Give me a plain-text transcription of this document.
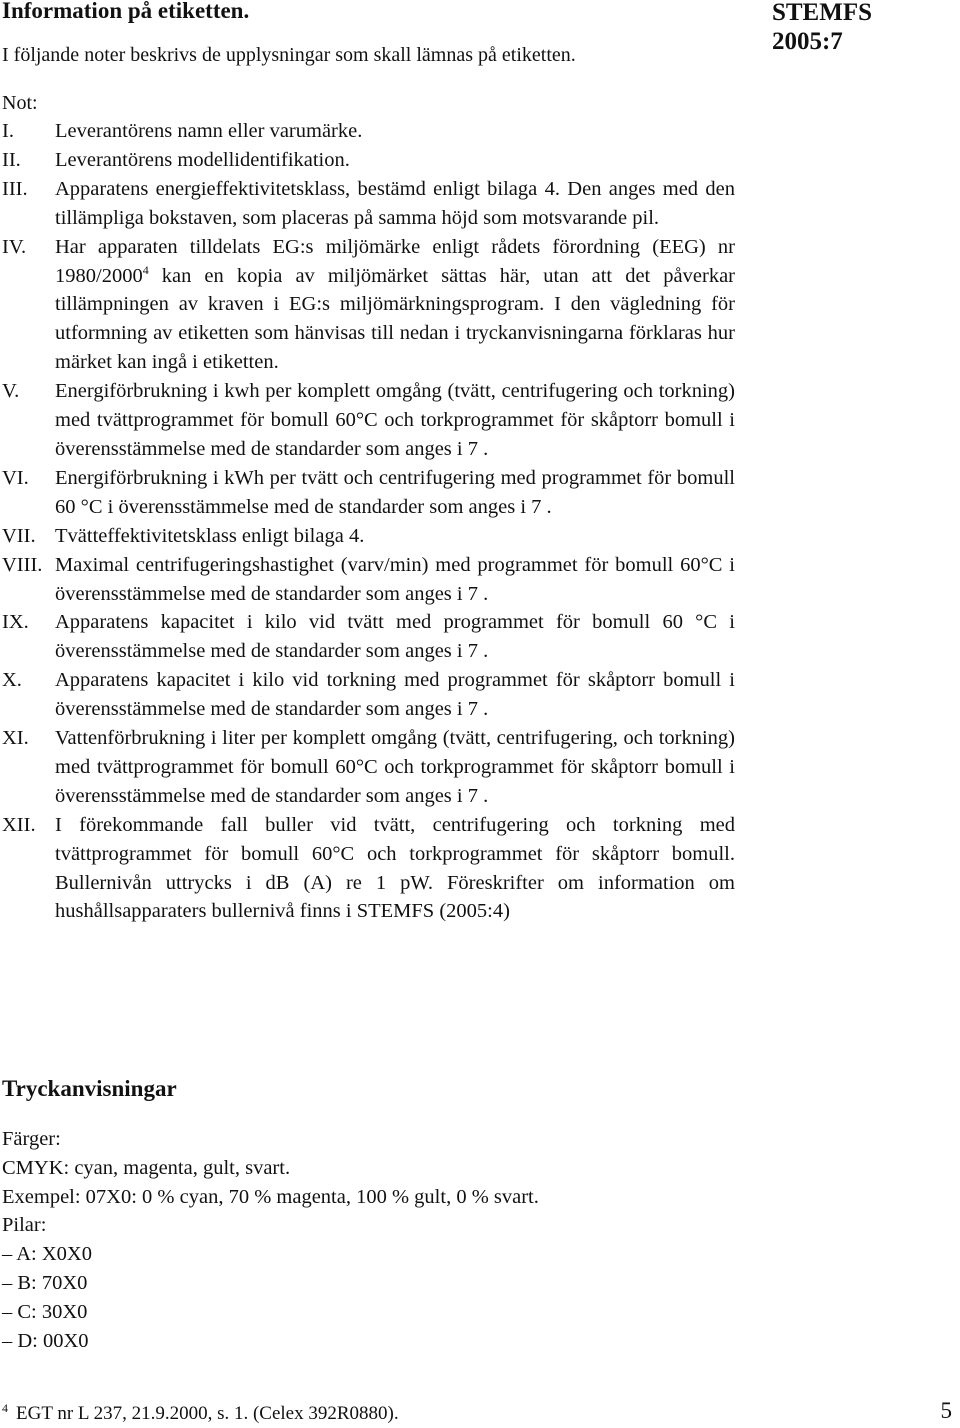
Information på etiketten.	STEMFS
2005:7
I följande noter beskrivs de upplysningar som skall lämnas på etiketten.
Not:
I.	Leverantörens namn eller varumärke.
II.	Leverantörens modellidentifikation.
III.	Apparatens energieffektivitetsklass, bestämd enligt bilaga 4. Den anges med den tillämpliga bokstaven, som placeras på samma höjd som motsvarande pil.
IV.	Har apparaten tilldelats EG:s miljömärke enligt rådets förordning (EEG) nr 1980/2000$^4$ kan en kopia av miljömärket sättas här, utan att det påverkar tillämpningen av kraven i EG:s miljömärkningsprogram. I den vägledning för utformning av etiketten som hänvisas till nedan i tryckanvisningarna förklaras hur märket kan ingå i etiketten.
V.	Energiförbrukning i kwh per komplett omgång (tvätt, centrifugering och torkning) med tvättprogrammet för bomull 60°C och torkprogrammet för skåptorr bomull i överensstämmelse med de standarder som anges i 7 .
VI.	Energiförbrukning i kWh per tvätt och centrifugering med programmet för bomull 60 °C i överensstämmelse med de standarder som anges i 7 .
VII. Tvätteffektivitetsklass enligt bilaga 4.
VIII. Maximal centrifugeringshastighet (varv/min) med programmet för bomull 60°C i överensstämmelse med de standarder som anges i 7 .
IX.	Apparatens kapacitet i kilo vid tvätt med programmet för bomull 60 °C i överensstämmelse med de standarder som anges i 7 .
X.	Apparatens kapacitet i kilo vid torkning med programmet för skåptorr bomull i överensstämmelse med de standarder som anges i 7 .
XI.	Vattenförbrukning i liter per komplett omgång (tvätt, centrifugering, och torkning) med tvättprogrammet för bomull 60°C och torkprogrammet för skåptorr bomull i överensstämmelse med de standarder som anges i 7 .
XII. I förekommande fall buller vid tvätt, centrifugering och torkning med tvättprogrammet för bomull 60°C och torkprogrammet för skåptorr bomull. Bullernivån uttrycks i dB (A) re 1 pW. Föreskrifter om information om hushållsapparaters bullernivå finns i STEMFS (2005:4)
Tryckanvisningar
Färger:
CMYK: cyan, magenta, gult, svart.
Exempel: 07X0: 0 % cyan, 70 % magenta, 100 % gult, 0 % svart.
Pilar:
– A: X0X0
– B: 70X0
– C: 30X0
– D: 00X0
$^4$ EGT nr L 237, 21.9.2000, s. 1. (Celex 392R0880).	5
